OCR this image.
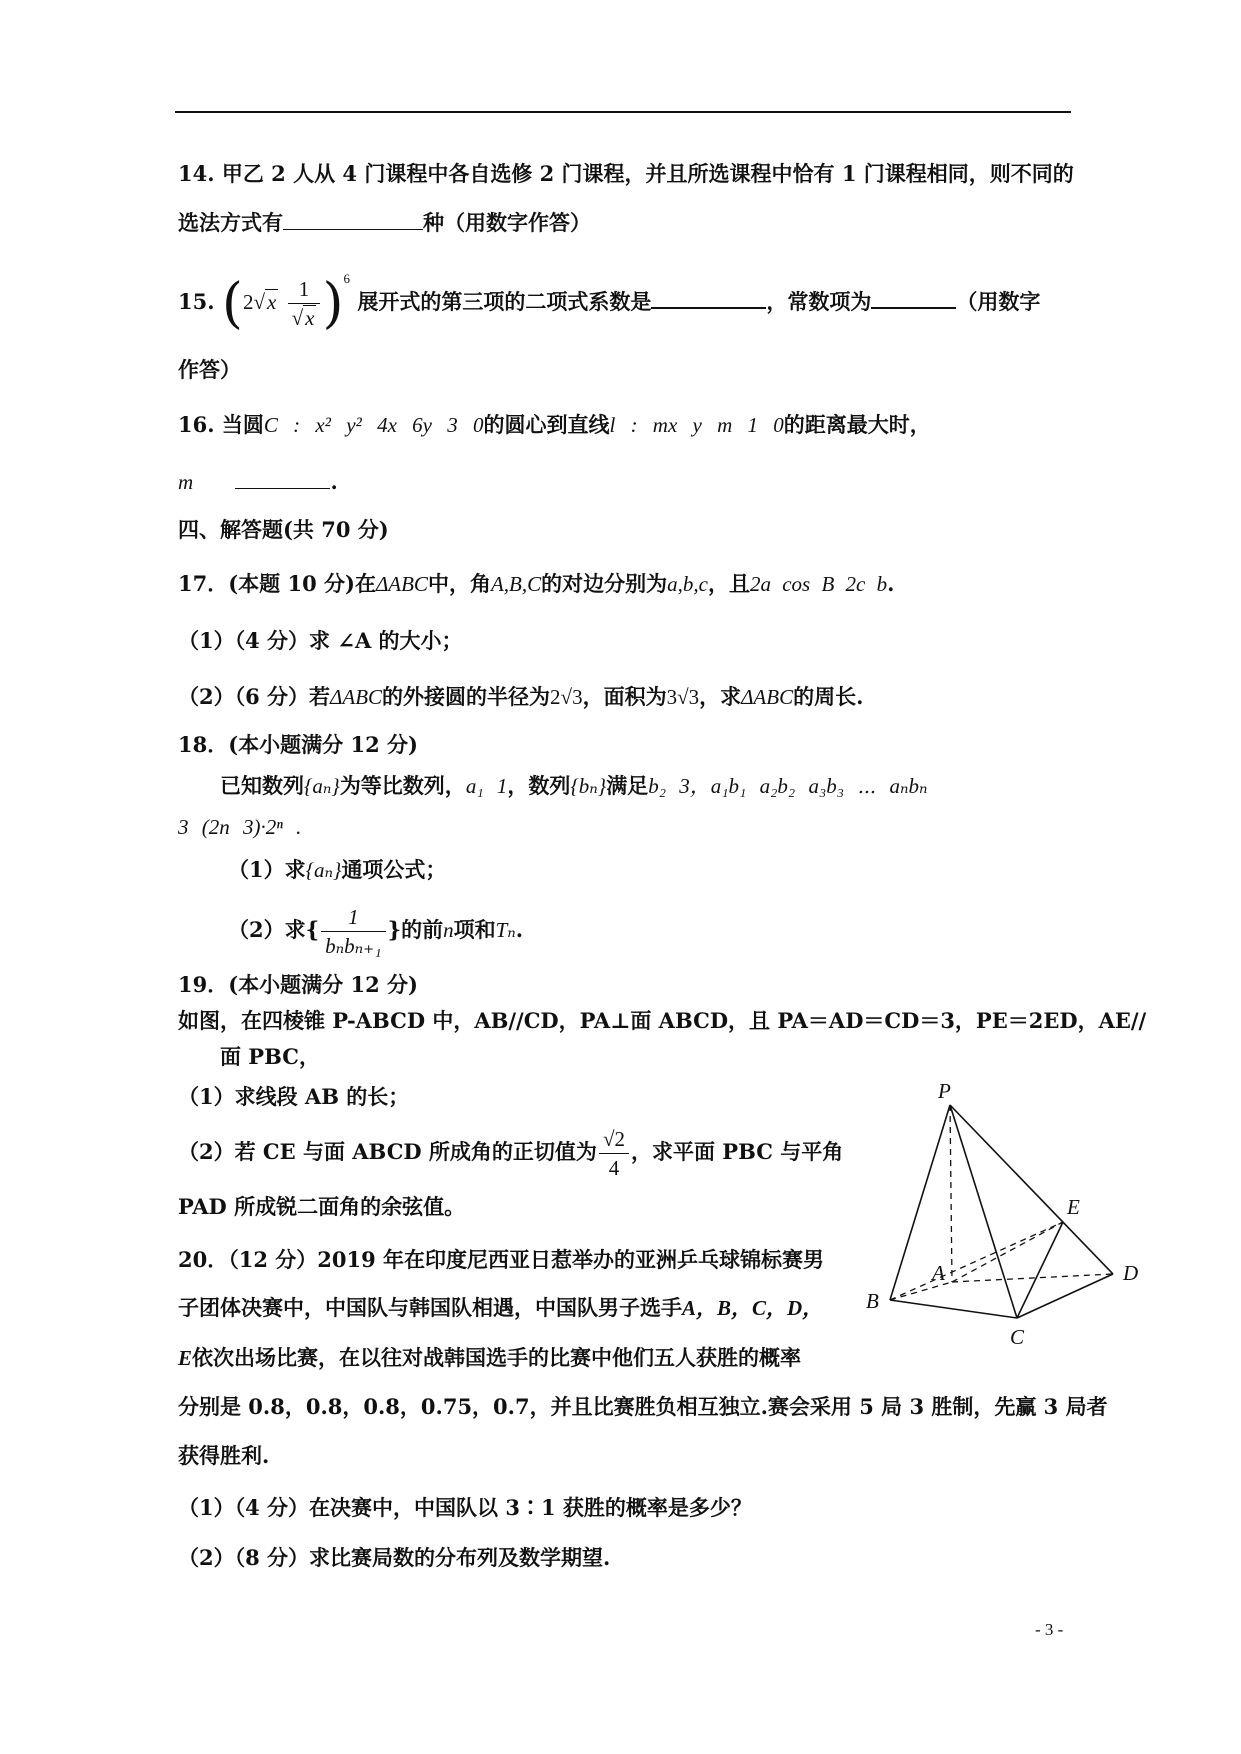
14. 甲乙 2 人从 4 门课程中各自选修 2 门课程，并且所选课程中恰有 1 门课程相同，则不同的
选法方式有	种（用数字作答）
15. $(2√x \frac{1}{√x} )^6$ 展开式的第三项的二项式系数是	，常数项为	（用数字
作答）
16. 当圆C : x² y² 4x 6y 3 0的圆心到直线l : mx y m 1 0的距离最大时，
m	.
四、解答题(共 70 分)
17．(本题 10 分)在ΔABC中，角A,B,C的对边分别为a,b,c，且2a cos B 2c b.
（1）（4 分）求 ∠A 的大小；
（2）（6 分）若ΔABC的外接圆的半径为2√3，面积为3√3，求ΔABC的周长.
18．(本小题满分 12 分)
已知数列{aₙ}为等比数列，a₁ 1，数列{bₙ}满足b₂ 3，a₁b₁ a₂b₂ a₃b₃ ⋯ aₙbₙ
3 (2n 3)·2ⁿ .
（1）求{aₙ}通项公式；
（2）求{ $\frac{1}{\text{bₙbₙ₊₁}}$ }的前n项和Tₙ.
19．(本小题满分 12 分)
如图，在四棱锥 P-ABCD 中，AB//CD，PA⊥面 ABCD，且 PA＝AD＝CD＝3，PE＝2ED，AE//
面 PBC，
（1）求线段 AB 的长；
（2）若 CE 与面 ABCD 所成角的正切值为 $\frac{√2}{4}$ ，求平面 PBC 与平角
PAD 所成锐二面角的余弦值。
P
E
A	D
B
C
20．（12 分）2019 年在印度尼西亚日惹举办的亚洲乒乓球锦标赛男
子团体决赛中，中国队与韩国队相遇，中国队男子选手A，B，C，D，
E依次出场比赛，在以往对战韩国选手的比赛中他们五人获胜的概率
分别是 0.8，0.8，0.8，0.75，0.7，并且比赛胜负相互独立.赛会采用 5 局 3 胜制，先赢 3 局者
获得胜利.
（1）（4 分）在决赛中，中国队以 3∶1 获胜的概率是多少？
（2）（8 分）求比赛局数的分布列及数学期望.
- 3 -
